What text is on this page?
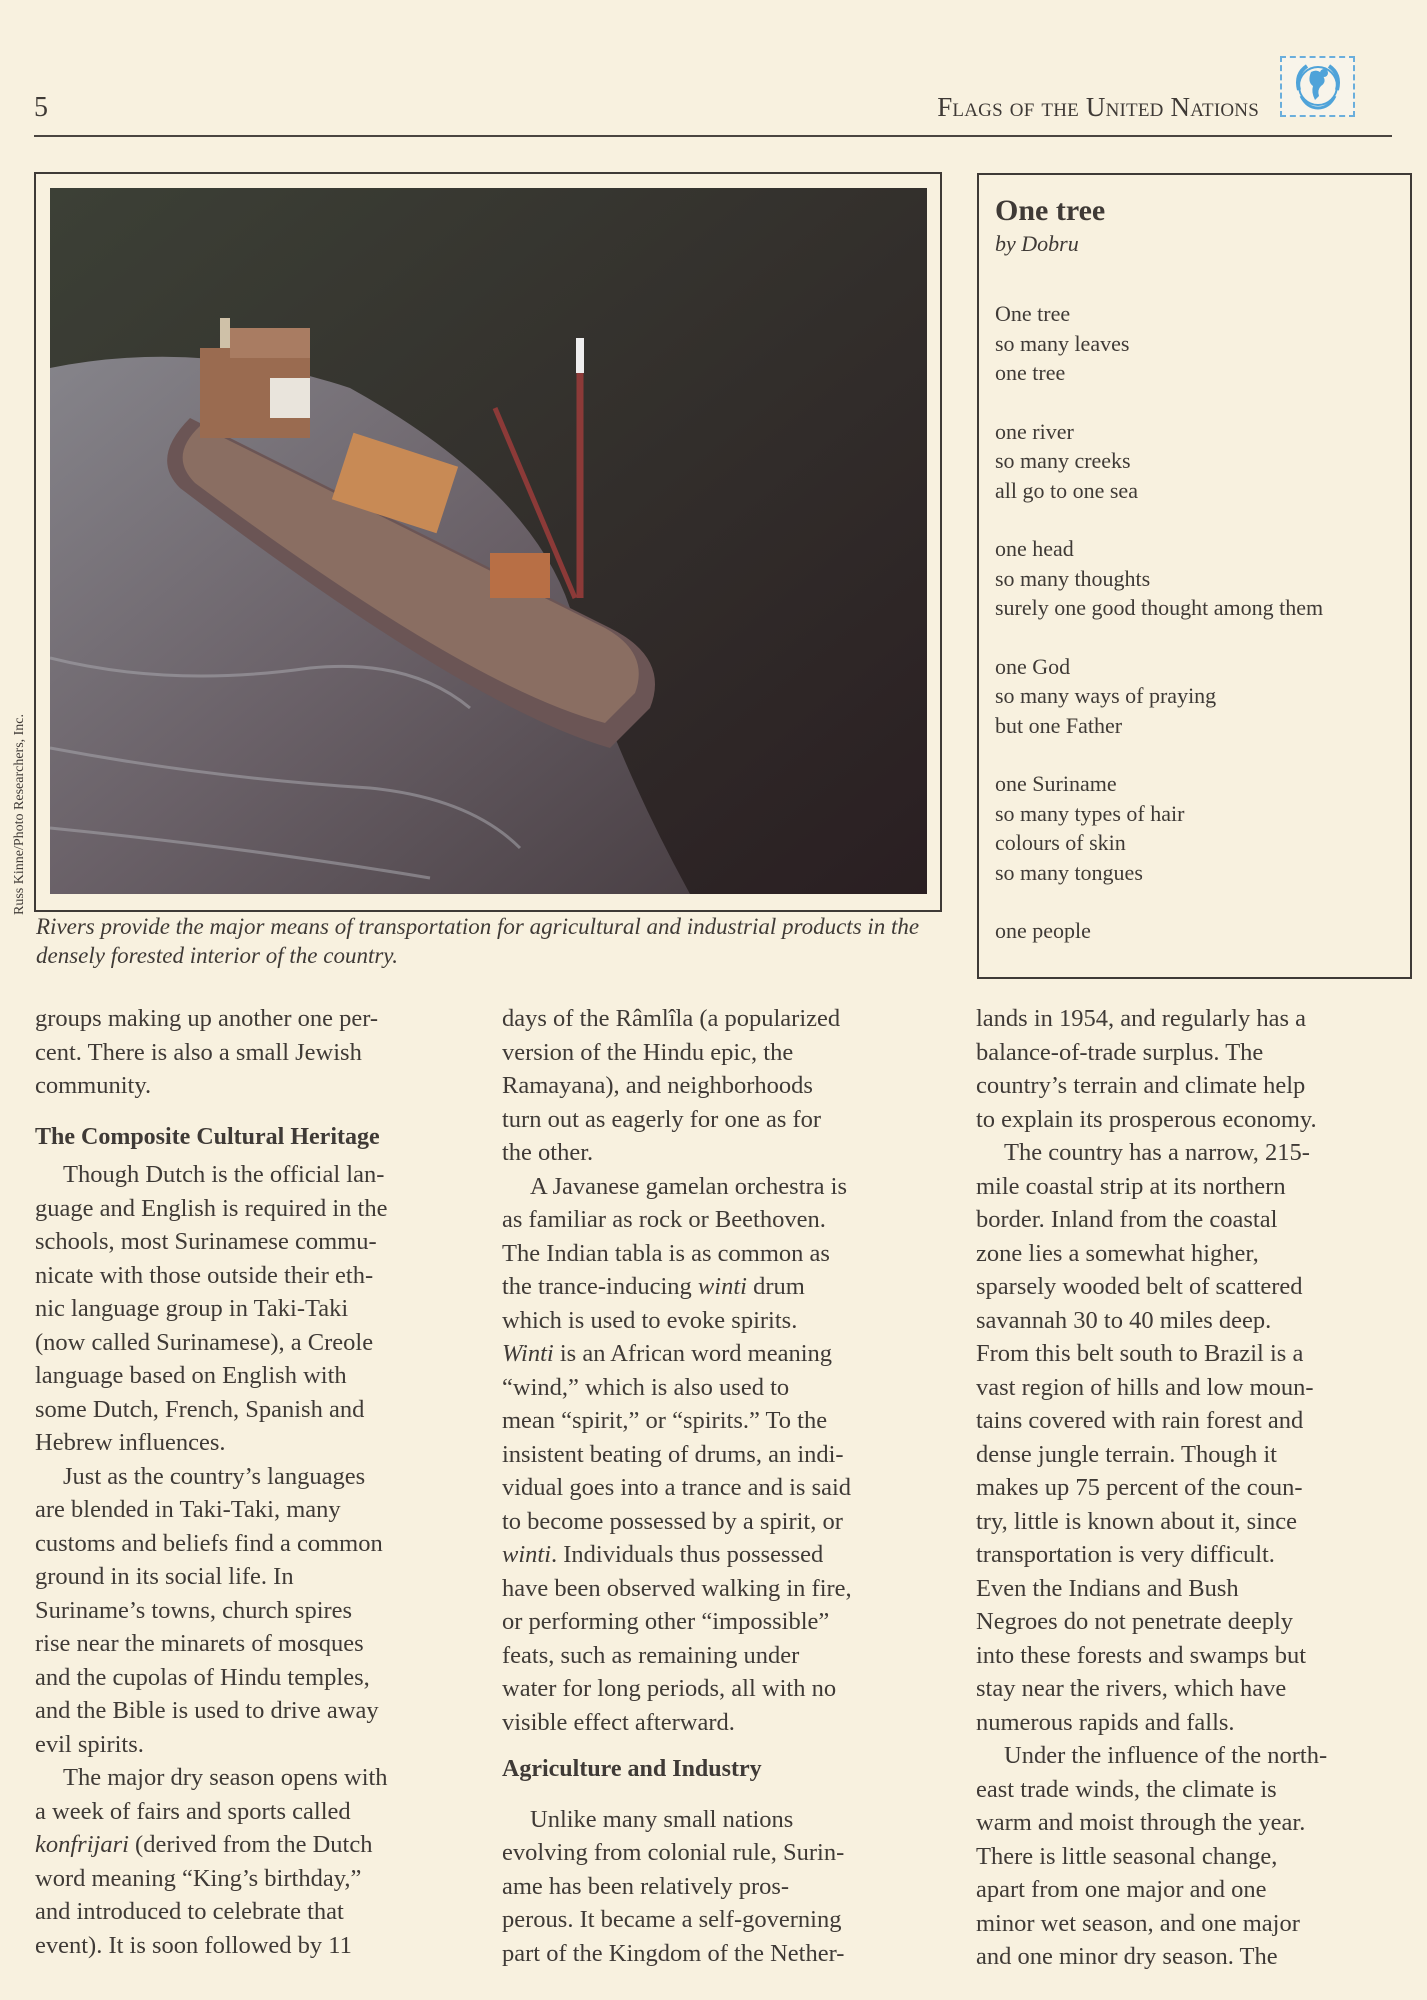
5	Flags of the United Nations
Russ Kinne/Photo Researchers, Inc.
Rivers provide the major means of transportation for agricultural and industrial products in the densely forested interior of the country.
One tree
by Dobru
One tree
so many leaves
one tree
one river
so many creeks
all go to one sea
one head
so many thoughts
surely one good thought among them
one God
so many ways of praying
but one Father
one Suriname
so many types of hair
colours of skin
so many tongues
one people
groups making up another one per-
cent. There is also a small Jewish
community.
The Composite Cultural Heritage
Though Dutch is the official lan-
guage and English is required in the
schools, most Surinamese commu-
nicate with those outside their eth-
nic language group in Taki-Taki
(now called Surinamese), a Creole
language based on English with
some Dutch, French, Spanish and
Hebrew influences.
Just as the country’s languages
are blended in Taki-Taki, many
customs and beliefs find a common
ground in its social life. In
Suriname’s towns, church spires
rise near the minarets of mosques
and the cupolas of Hindu temples,
and the Bible is used to drive away
evil spirits.
The major dry season opens with
a week of fairs and sports called
konfrijari (derived from the Dutch
word meaning “King’s birthday,”
and introduced to celebrate that
event). It is soon followed by 11
days of the Râmlîla (a popularized
version of the Hindu epic, the
Ramayana), and neighborhoods
turn out as eagerly for one as for
the other.
A Javanese gamelan orchestra is
as familiar as rock or Beethoven.
The Indian tabla is as common as
the trance-inducing winti drum
which is used to evoke spirits.
Winti is an African word meaning
“wind,” which is also used to
mean “spirit,” or “spirits.” To the
insistent beating of drums, an indi-
vidual goes into a trance and is said
to become possessed by a spirit, or
winti. Individuals thus possessed
have been observed walking in fire,
or performing other “impossible”
feats, such as remaining under
water for long periods, all with no
visible effect afterward.
Agriculture and Industry
Unlike many small nations
evolving from colonial rule, Surin-
ame has been relatively pros-
perous. It became a self-governing
part of the Kingdom of the Nether-
lands in 1954, and regularly has a
balance-of-trade surplus. The
country’s terrain and climate help
to explain its prosperous economy.
The country has a narrow, 215-
mile coastal strip at its northern
border. Inland from the coastal
zone lies a somewhat higher,
sparsely wooded belt of scattered
savannah 30 to 40 miles deep.
From this belt south to Brazil is a
vast region of hills and low moun-
tains covered with rain forest and
dense jungle terrain. Though it
makes up 75 percent of the coun-
try, little is known about it, since
transportation is very difficult.
Even the Indians and Bush
Negroes do not penetrate deeply
into these forests and swamps but
stay near the rivers, which have
numerous rapids and falls.
Under the influence of the north-
east trade winds, the climate is
warm and moist through the year.
There is little seasonal change,
apart from one major and one
minor wet season, and one major
and one minor dry season. The
